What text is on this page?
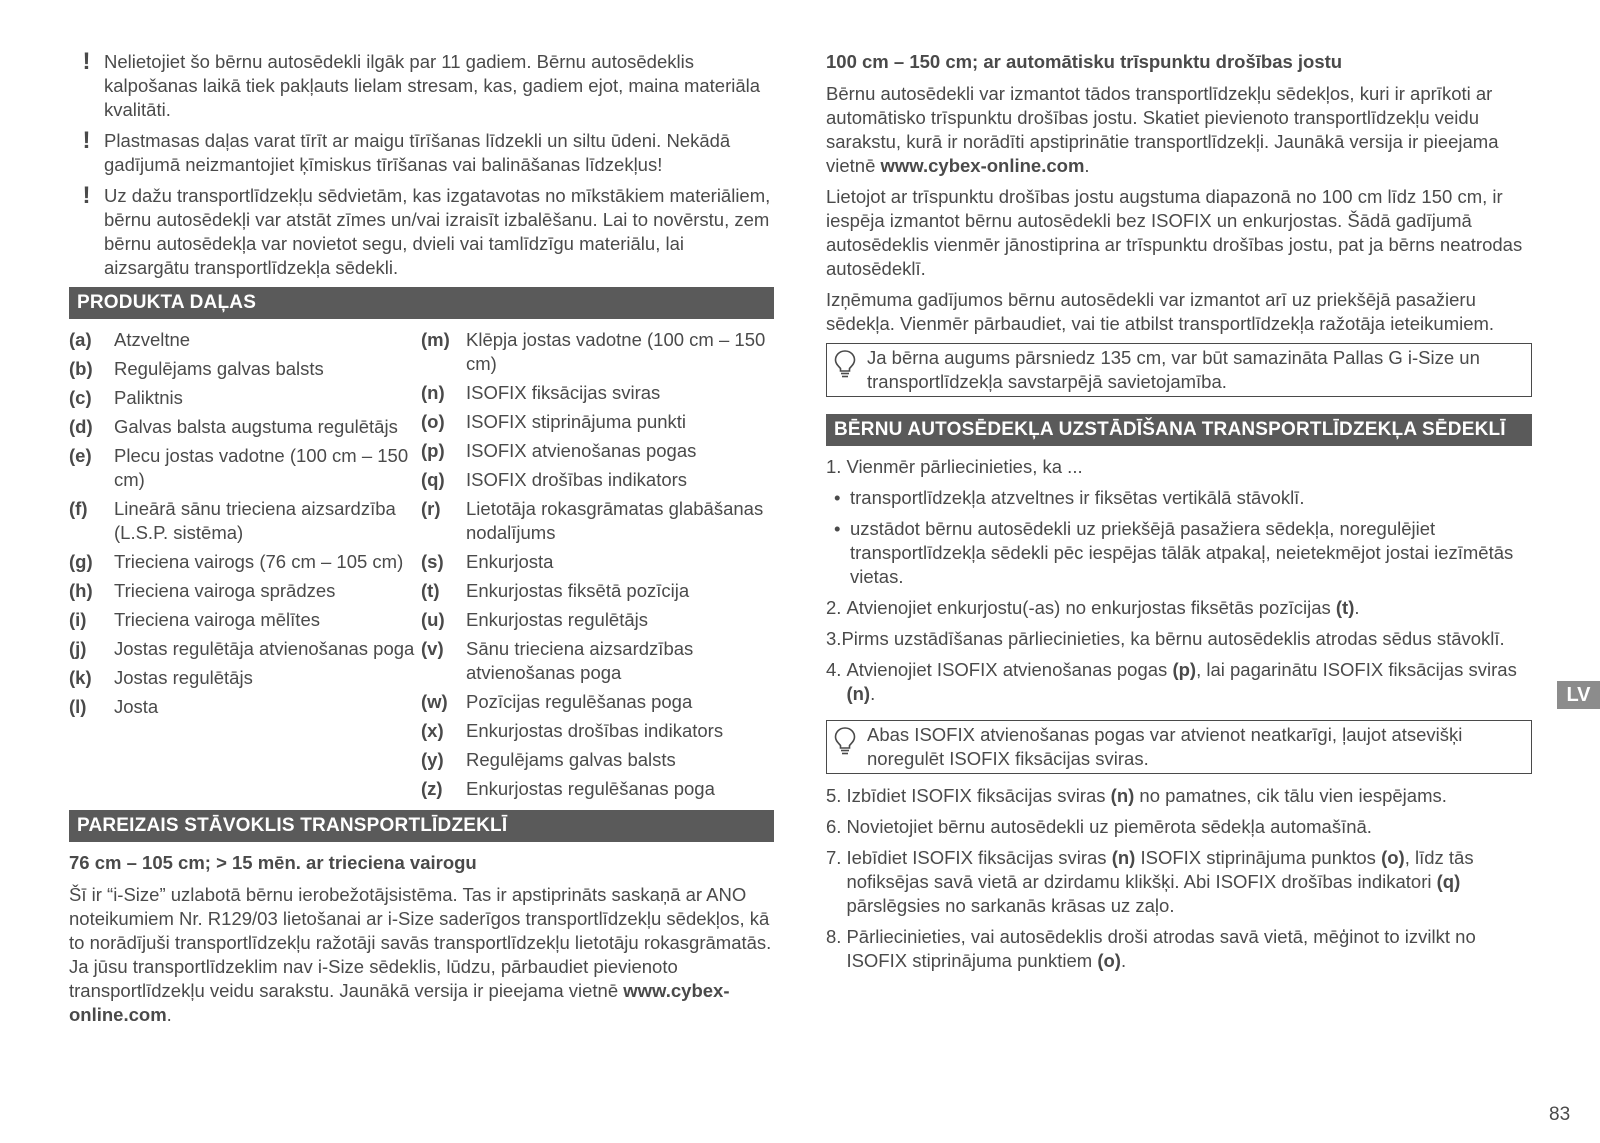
! Nelietojiet šo bērnu autosēdekli ilgāk par 11 gadiem. Bērnu autosēdeklis kalpošanas laikā tiek pakļauts lielam stresam, kas, gadiem ejot, maina materiāla kvalitāti.
! Plastmasas daļas varat tīrīt ar maigu tīrīšanas līdzekli un siltu ūdeni. Nekādā gadījumā neizmantojiet ķīmiskus tīrīšanas vai balināšanas līdzekļus!
! Uz dažu transportlīdzekļu sēdvietām, kas izgatavotas no mīkstākiem materiāliem, bērnu autosēdekļi var atstāt zīmes un/vai izraisīt izbalēšanu. Lai to novērstu, zem bērnu autosēdekļa var novietot segu, dvieli vai tamlīdzīgu materiālu, lai aizsargātu transportlīdzekļa sēdekli.
PRODUKTA DAĻAS
(a)	Atzveltne
(b)	Regulējams galvas balsts
(c)	Paliktnis
(d)	Galvas balsta augstuma regulētājs
(e)	Plecu jostas vadotne (100 cm – 150 cm)
(f)	Lineārā sānu trieciena aizsardzība (L.S.P. sistēma)
(g)	Trieciena vairogs (76 cm – 105 cm)
(h)	Trieciena vairoga sprādzes
(i)	Trieciena vairoga mēlītes
(j)	Jostas regulētāja atvienošanas poga
(k)	Jostas regulētājs
(l)	Josta
(m) Klēpja jostas vadotne (100 cm – 150 cm)
(n)	ISOFIX fiksācijas sviras
(o)	ISOFIX stiprinājuma punkti
(p)	ISOFIX atvienošanas pogas
(q)	ISOFIX drošības indikators
(r)	Lietotāja rokasgrāmatas glabāšanas nodalījums
(s)	Enkurjosta
(t)	Enkurjostas fiksētā pozīcija
(u)	Enkurjostas regulētājs
(v)	Sānu trieciena aizsardzības atvienošanas poga
(w) Pozīcijas regulēšanas poga
(x)	Enkurjostas drošības indikators
(y)	Regulējams galvas balsts
(z)	Enkurjostas regulēšanas poga
PAREIZAIS STĀVOKLIS TRANSPORTLĪDZEKLĪ
76 cm – 105 cm; > 15 mēn. ar trieciena vairogu

Šī ir “i-Size” uzlabotā bērnu ierobežotājsistēma. Tas ir apstiprināts saskaņā ar ANO noteikumiem Nr. R129/03 lietošanai ar i-Size saderīgos transportlīdzekļu sēdekļos, kā to norādījuši transportlīdzekļu ražotāji savās transportlīdzekļu lietotāju rokasgrāmatās. Ja jūsu transportlīdzeklim nav i-Size sēdeklis, lūdzu, pārbaudiet pievienoto transportlīdzekļu veidu sarakstu. Jaunākā versija ir pieejama vietnē www.cybex-online.com.

100 cm – 150 cm; ar automātisku trīspunktu drošības jostu

Bērnu autosēdekli var izmantot tādos transportlīdzekļu sēdekļos, kuri ir aprīkoti ar automātisko trīspunktu drošības jostu. Skatiet pievienoto transportlīdzekļu veidu sarakstu, kurā ir norādīti apstiprinātie transportlīdzekļi. Jaunākā versija ir pieejama vietnē www.cybex-online.com.

Lietojot ar trīspunktu drošības jostu augstuma diapazonā no 100 cm līdz 150 cm, ir iespēja izmantot bērnu autosēdekli bez ISOFIX un enkurjostas. Šādā gadījumā autosēdeklis vienmēr jānostiprina ar trīspunktu drošības jostu, pat ja bērns neatrodas autosēdeklī.

Izņēmuma gadījumos bērnu autosēdekli var izmantot arī uz priekšējā pasažieru sēdekļa. Vienmēr pārbaudiet, vai tie atbilst transportlīdzekļa ražotāja ieteikumiem.

Ja bērna augums pārsniedz 135 cm, var būt samazināta Pallas G i-Size un transportlīdzekļa savstarpējā savietojamība.
BĒRNU AUTOSĒDEKĻA UZSTĀDĪŠANA TRANSPORTLĪDZEKĻA SĒDEKLĪ
1. Vienmēr pārliecinieties, ka ...
• transportlīdzekļa atzveltnes ir fiksētas vertikālā stāvoklī.
• uzstādot bērnu autosēdekli uz priekšējā pasažiera sēdekļa, noregulējiet transportlīdzekļa sēdekli pēc iespējas tālāk atpakaļ, neietekmējot jostai iezīmētās vietas.
2. Atvienojiet enkurjostu(-as) no enkurjostas fiksētās pozīcijas (t).
3. Pirms uzstādīšanas pārliecinieties, ka bērnu autosēdeklis atrodas sēdus stāvoklī.
4. Atvienojiet ISOFIX atvienošanas pogas (p), lai pagarinātu ISOFIX fiksācijas sviras (n).
Abas ISOFIX atvienošanas pogas var atvienot neatkarīgi, ļaujot atsevišķi noregulēt ISOFIX fiksācijas sviras.
5. Izbīdiet ISOFIX fiksācijas sviras (n) no pamatnes, cik tālu vien iespējams.
6. Novietojiet bērnu autosēdekli uz piemērota sēdekļa automašīnā.
7. Iebīdiet ISOFIX fiksācijas sviras (n) ISOFIX stiprinājuma punktos (o), līdz tās nofiksējas savā vietā ar dzirdamu klikšķi. Abi ISOFIX drošības indikatori (q) pārslēgsies no sarkanās krāsas uz zaļo.
8. Pārliecinieties, vai autosēdeklis droši atrodas savā vietā, mēģinot to izvilkt no ISOFIX stiprinājuma punktiem (o).
LV
83
